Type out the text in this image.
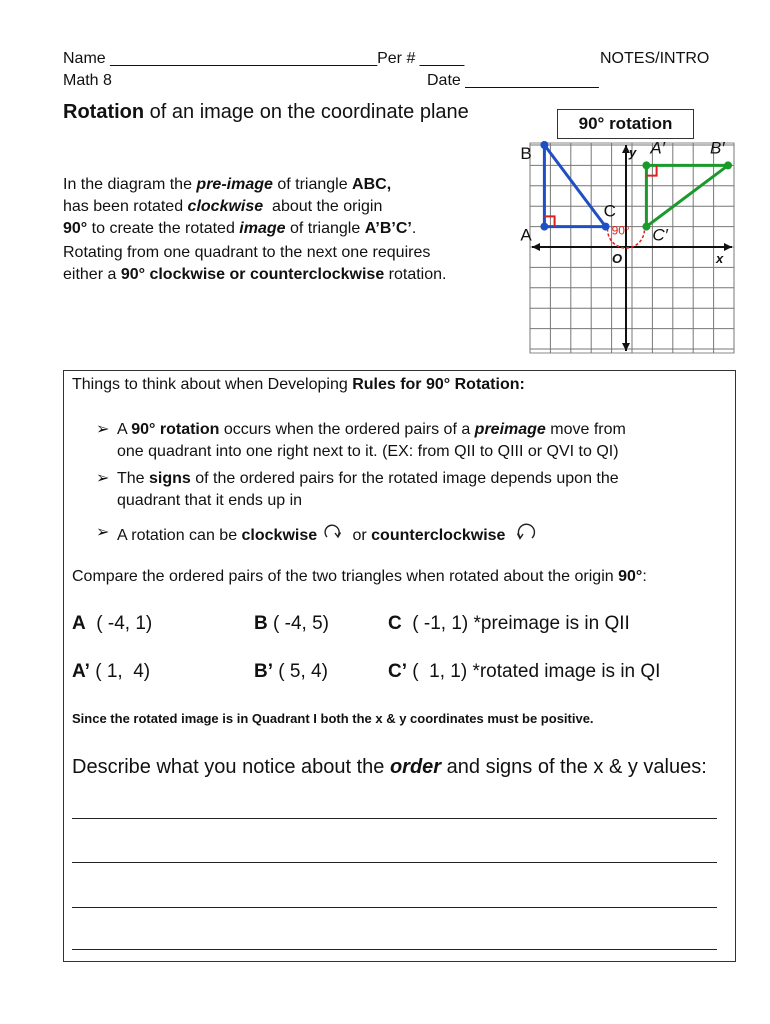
Name ______________________________Per # _____	NOTES/INTRO
Math 8	Date _______________
Rotation of an image on the coordinate plane

In the diagram the pre-image of triangle ABC,
has been rotated clockwise  about the origin
90° to create the rotated image of triangle A’B’C’.

Rotating from one quadrant to the next one requires
either a 90° clockwise or counterclockwise rotation.
90° rotation
B
A
C
A′	B′
C′
y
x
O
90°
Things to think about when Developing Rules for 90° Rotation:
➢ A 90° rotation occurs when the ordered pairs of a preimage move from
one quadrant into one right next to it. (EX: from QII to QIII or QVI to QI)
➢ The signs of the ordered pairs for the rotated image depends upon the
quadrant that it ends up in
➢ A rotation can be clockwise or counterclockwise
Compare the ordered pairs of the two triangles when rotated about the origin 90°:
A  ( -4, 1)	B ( -4, 5)	C  ( -1, 1) *preimage is in QII
A’ ( 1,  4)	B’ ( 5, 4)	C’ (  1, 1) *rotated image is in QI
Since the rotated image is in Quadrant I both the x & y coordinates must be positive.
Describe what you notice about the order and signs of the x & y values:
